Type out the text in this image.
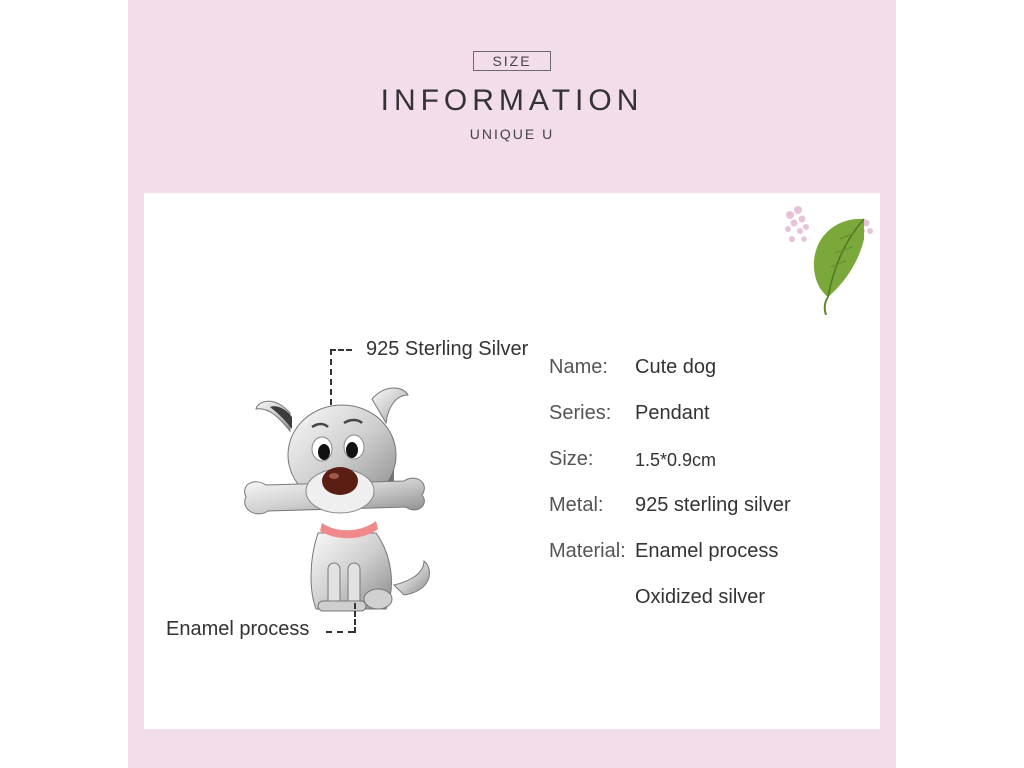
SIZE
INFORMATION
UNIQUE U
925 Sterling Silver
Enamel process
Name: Cute dog
Series: Pendant
Size: 1.5*0.9cm
Metal: 925 sterling silver
Material: Enamel process
Oxidized silver
